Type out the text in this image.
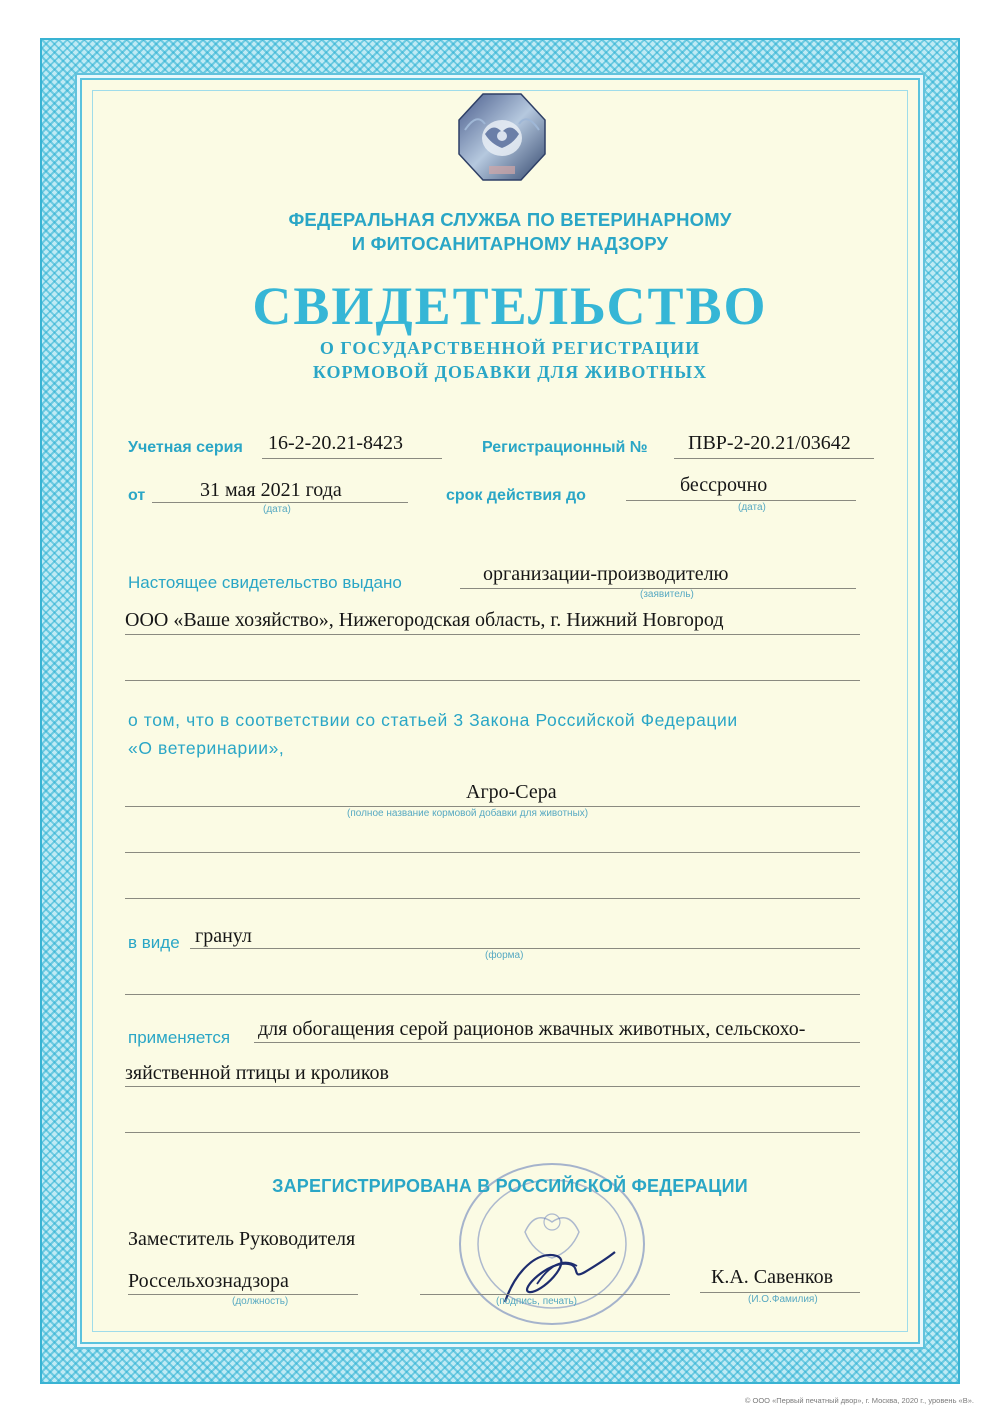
ФЕДЕРАЛЬНАЯ СЛУЖБА ПО ВЕТЕРИНАРНОМУ
И ФИТОСАНИТАРНОМУ НАДЗОРУ

СВИДЕТЕЛЬСТВО

О ГОСУДАРСТВЕННОЙ РЕГИСТРАЦИИ
КОРМОВОЙ ДОБАВКИ ДЛЯ ЖИВОТНЫХ

Учетная серия 16-2-20.21-8423	Регистрационный № ПВР-2-20.21/03642
от	31 мая 2021 года
(дата)
срок действия до	бессрочно
(дата)
Настоящее свидетельство выдано	организации-производителю
(заявитель)
ООО «Ваше хозяйство», Нижегородская область, г. Нижний Новгород
о том, что в соответствии со статьей 3 Закона Российской Федерации
«О ветеринарии»,
Агро-Сера
(полное название кормовой добавки для животных)
в виде гранул
(форма)
применяется для обогащения серой рационов жвачных животных, сельскохо-
зяйственной птицы и кроликов

ЗАРЕГИСТРИРОВАНА В РОССИЙСКОЙ ФЕДЕРАЦИИ

Заместитель Руководителя
Россельхознадзора
(должность)	(подпись, печать)
К.А. Савенков
(И.О.Фамилия)

© ООО «Первый печатный двор», г. Москва, 2020 г., уровень «В».
